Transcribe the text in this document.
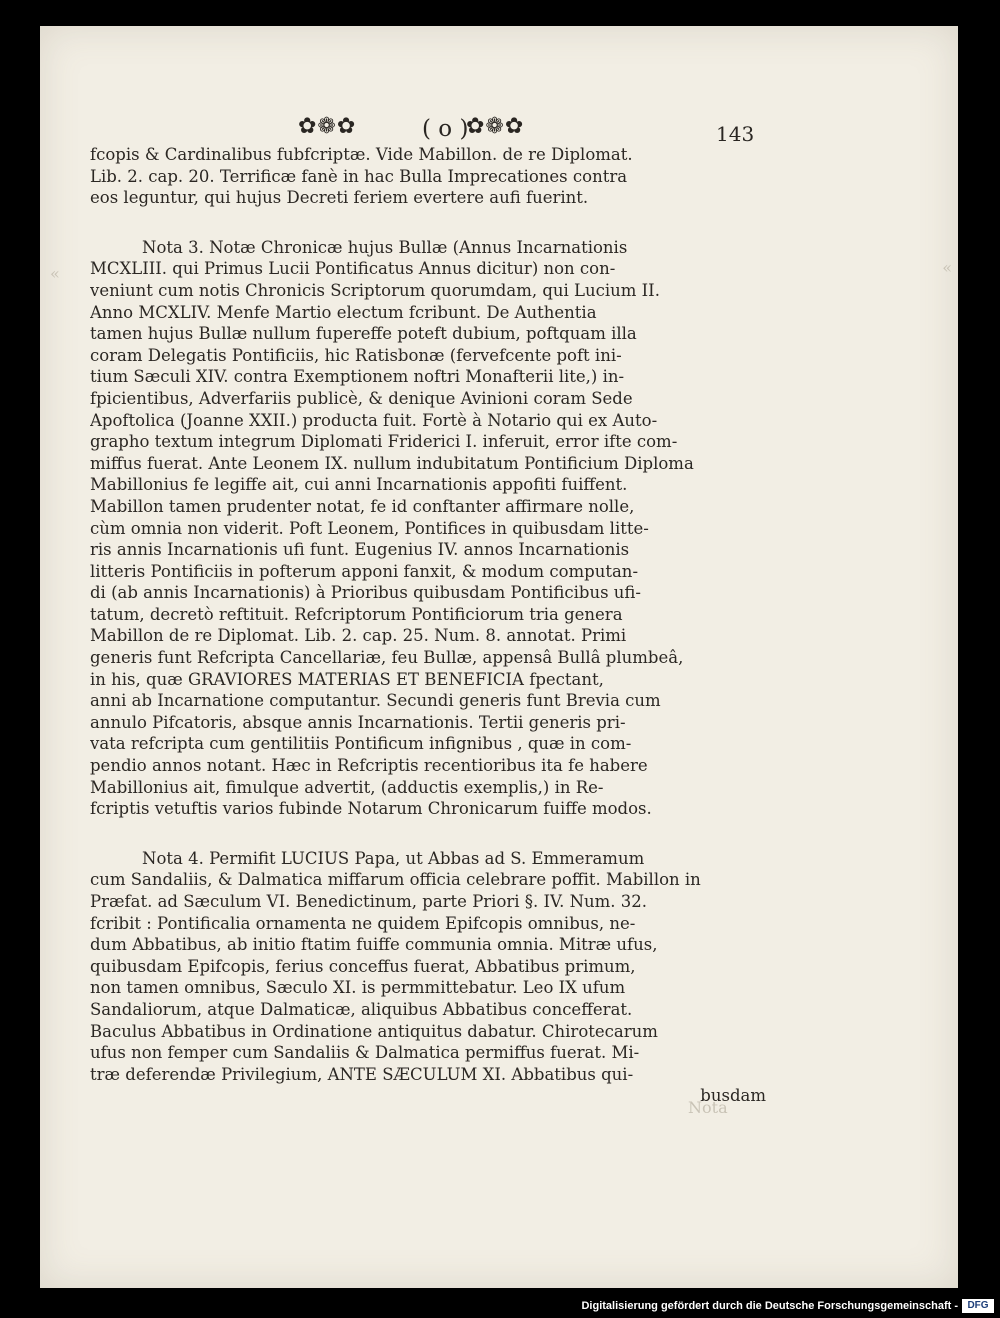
«	«
Nota
✿❁✿	( o )
✿❁✿	143
fcopis & Cardinalibus fubfcriptæ. Vide Mabillon. de re Diplomat.
Lib. 2. cap. 20. Terrificæ fanè in hac Bulla Imprecationes contra
eos leguntur, qui hujus Decreti feriem evertere aufi fuerint.
Nota 3. Notæ Chronicæ hujus Bullæ (Annus Incarnationis
MCXLIII. qui Primus Lucii Pontificatus Annus dicitur) non con-
veniunt cum notis Chronicis Scriptorum quorumdam, qui Lucium II.
Anno MCXLIV. Menfe Martio electum fcribunt. De Authentia
tamen hujus Bullæ nullum fupereffe poteft dubium, poftquam illa
coram Delegatis Pontificiis, hic Ratisbonæ (fervefcente poft ini-
tium Sæculi XIV. contra Exemptionem noftri Monafterii lite,) in-
fpicientibus, Adverfariis publicè, & denique Avinioni coram Sede
Apoftolica (Joanne XXII.) producta fuit. Fortè à Notario qui ex Auto-
grapho textum integrum Diplomati Friderici I. inferuit, error ifte com-
miffus fuerat. Ante Leonem IX. nullum indubitatum Pontificium Diploma
Mabillonius fe legiffe ait, cui anni Incarnationis appofiti fuiffent.
Mabillon tamen prudenter notat, fe id conftanter affirmare nolle,
cùm omnia non viderit. Poft Leonem, Pontifices in quibusdam litte-
ris annis Incarnationis ufi funt. Eugenius IV. annos Incarnationis
litteris Pontificiis in pofterum apponi fanxit, & modum computan-
di (ab annis Incarnationis) à Prioribus quibusdam Pontificibus ufi-
tatum, decretò reftituit. Refcriptorum Pontificiorum tria genera
Mabillon de re Diplomat. Lib. 2. cap. 25. Num. 8. annotat. Primi
generis funt Refcripta Cancellariæ, feu Bullæ, appensâ Bullâ plumbeâ,
in his, quæ GRAVIORES MATERIAS ET BENEFICIA fpectant,
anni ab Incarnatione computantur. Secundi generis funt Brevia cum
annulo Pifcatoris, absque annis Incarnationis. Tertii generis pri-
vata refcripta cum gentilitiis Pontificum infignibus , quæ in com-
pendio annos notant. Hæc in Refcriptis recentioribus ita fe habere
Mabillonius ait, fimulque advertit, (adductis exemplis,) in Re-
fcriptis vetuftis varios fubinde Notarum Chronicarum fuiffe modos.
Nota 4. Permifit LUCIUS Papa, ut Abbas ad S. Emmeramum
cum Sandaliis, & Dalmatica miffarum officia celebrare poffit. Mabillon in
Præfat. ad Sæculum VI. Benedictinum, parte Priori §. IV. Num. 32.
fcribit : Pontificalia ornamenta ne quidem Epifcopis omnibus, ne-
dum Abbatibus, ab initio ftatim fuiffe communia omnia. Mitræ ufus,
quibusdam Epifcopis, ferius conceffus fuerat, Abbatibus primum,
non tamen omnibus, Sæculo XI. is permmittebatur. Leo IX ufum
Sandaliorum, atque Dalmaticæ, aliquibus Abbatibus concefferat.
Baculus Abbatibus in Ordinatione antiquitus dabatur. Chirotecarum
ufus non femper cum Sandaliis & Dalmatica permiffus fuerat. Mi-
træ deferendæ Privilegium, ANTE SÆCULUM XI. Abbatibus qui-
busdam
Digitalisierung gefördert durch die Deutsche Forschungsgemeinschaft - DFG
